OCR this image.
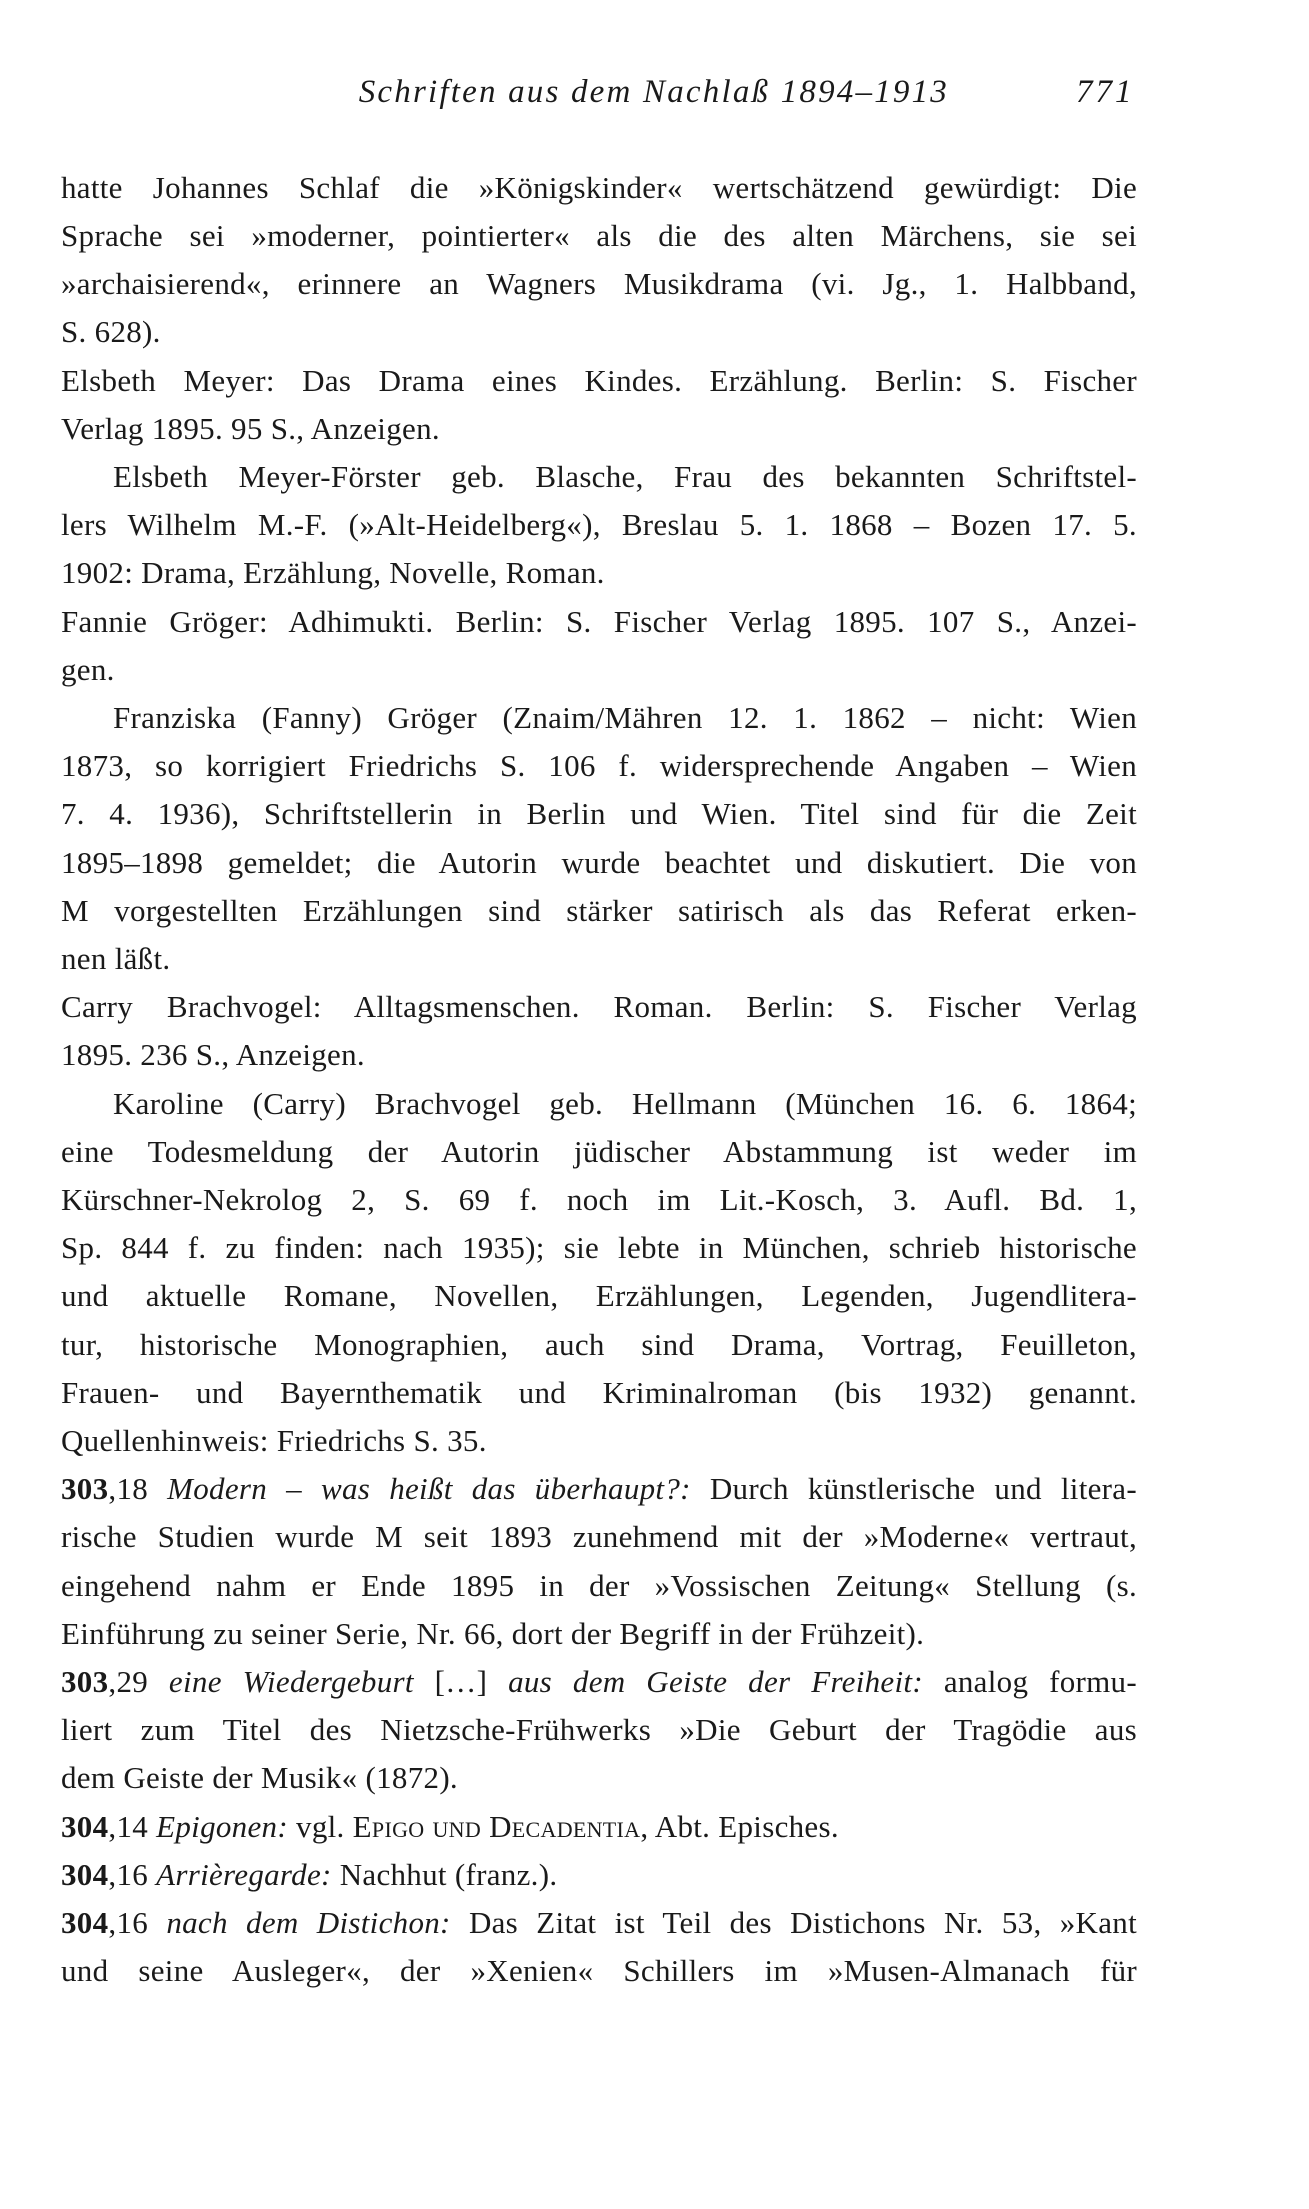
Schriften aus dem Nachlaß 1894–1913	771
hatte Johannes Schlaf die »Königskinder« wertschätzend gewürdigt: Die
Sprache sei »moderner, pointierter« als die des alten Märchens, sie sei
»archaisierend«, erinnere an Wagners Musikdrama (vi. Jg., 1. Halbband,
S. 628).
Elsbeth Meyer: Das Drama eines Kindes. Erzählung. Berlin: S. Fischer
Verlag 1895. 95 S., Anzeigen.
Elsbeth Meyer-Förster geb. Blasche, Frau des bekannten Schriftstel-
lers Wilhelm M.-F. (»Alt-Heidelberg«), Breslau 5. 1. 1868 – Bozen 17. 5.
1902: Drama, Erzählung, Novelle, Roman.
Fannie Gröger: Adhimukti. Berlin: S. Fischer Verlag 1895. 107 S., Anzei-
gen.
Franziska (Fanny) Gröger (Znaim/Mähren 12. 1. 1862 – nicht: Wien
1873, so korrigiert Friedrichs S. 106 f. widersprechende Angaben – Wien
7. 4. 1936), Schriftstellerin in Berlin und Wien. Titel sind für die Zeit
1895–1898 gemeldet; die Autorin wurde beachtet und diskutiert. Die von
M vorgestellten Erzählungen sind stärker satirisch als das Referat erken-
nen läßt.
Carry Brachvogel: Alltagsmenschen. Roman. Berlin: S. Fischer Verlag
1895. 236 S., Anzeigen.
Karoline (Carry) Brachvogel geb. Hellmann (München 16. 6. 1864;
eine Todesmeldung der Autorin jüdischer Abstammung ist weder im
Kürschner-Nekrolog 2, S. 69 f. noch im Lit.-Kosch, 3. Aufl. Bd. 1,
Sp. 844 f. zu finden: nach 1935); sie lebte in München, schrieb historische
und aktuelle Romane, Novellen, Erzählungen, Legenden, Jugendlitera-
tur, historische Monographien, auch sind Drama, Vortrag, Feuilleton,
Frauen- und Bayernthematik und Kriminalroman (bis 1932) genannt.
Quellenhinweis: Friedrichs S. 35.
303,18 Modern – was heißt das überhaupt?: Durch künstlerische und litera-
rische Studien wurde M seit 1893 zunehmend mit der »Moderne« vertraut,
eingehend nahm er Ende 1895 in der »Vossischen Zeitung« Stellung (s.
Einführung zu seiner Serie, Nr. 66, dort der Begriff in der Frühzeit).
303,29 eine Wiedergeburt […] aus dem Geiste der Freiheit: analog formu-
liert zum Titel des Nietzsche-Frühwerks »Die Geburt der Tragödie aus
dem Geiste der Musik« (1872).
304,14 Epigonen: vgl. Epigo und Decadentia, Abt. Episches.
304,16 Arrièregarde: Nachhut (franz.).
304,16 nach dem Distichon: Das Zitat ist Teil des Distichons Nr. 53, »Kant
und seine Ausleger«, der »Xenien« Schillers im »Musen-Almanach für
